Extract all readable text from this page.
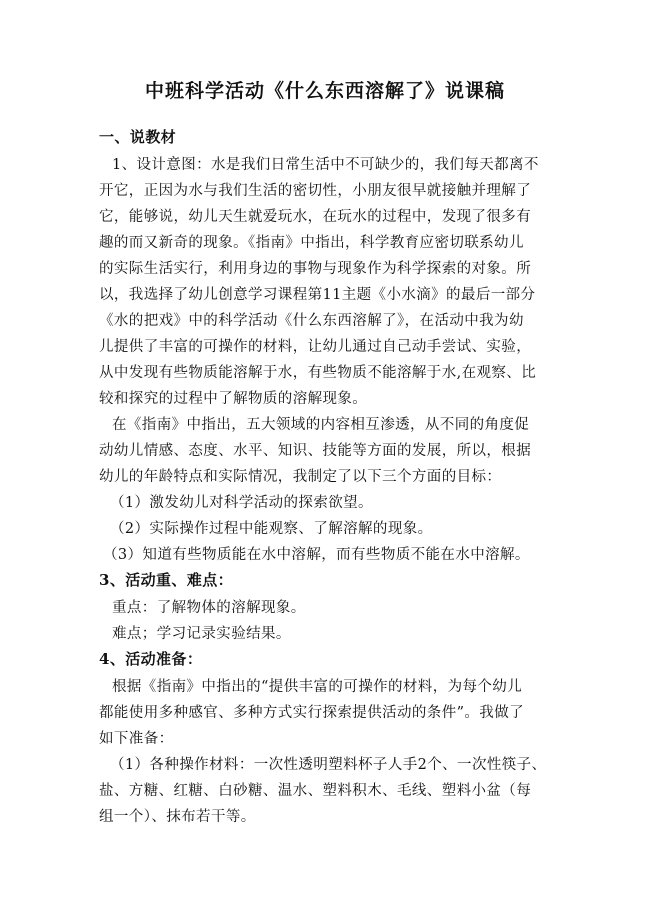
中班科学活动《什么东西溶解了》说课稿
一、说教材
1、设计意图：水是我们日常生活中不可缺少的，我们每天都离不
开它，正因为水与我们生活的密切性，小朋友很早就接触并理解了
它，能够说，幼儿天生就爱玩水，在玩水的过程中，发现了很多有
趣的而又新奇的现象。《指南》中指出，科学教育应密切联系幼儿
的实际生活实行，利用身边的事物与现象作为科学探索的对象。所
以，我选择了幼儿创意学习课程第11主题《小水滴》的最后一部分
《水的把戏》中的科学活动《什么东西溶解了》，在活动中我为幼
儿提供了丰富的可操作的材料，让幼儿通过自己动手尝试、实验，
从中发现有些物质能溶解于水，有些物质不能溶解于水,在观察、比
较和探究的过程中了解物质的溶解现象。
在《指南》中指出，五大领域的内容相互渗透，从不同的角度促
动幼儿情感、态度、水平、知识、技能等方面的发展，所以，根据
幼儿的年龄特点和实际情况，我制定了以下三个方面的目标：
（1）激发幼儿对科学活动的探索欲望。
（2）实际操作过程中能观察、了解溶解的现象。
（3）知道有些物质能在水中溶解，而有些物质不能在水中溶解。
3、活动重、难点：
重点：了解物体的溶解现象。
难点；学习记录实验结果。
4、活动准备：
根据《指南》中指出的“提供丰富的可操作的材料，为每个幼儿
都能使用多种感官、多种方式实行探索提供活动的条件”。我做了
如下准备：
（1）各种操作材料：一次性透明塑料杯子人手2个、一次性筷子、
盐、方糖、红糖、白砂糖、温水、塑料积木、毛线、塑料小盆（每
组一个）、抹布若干等。
